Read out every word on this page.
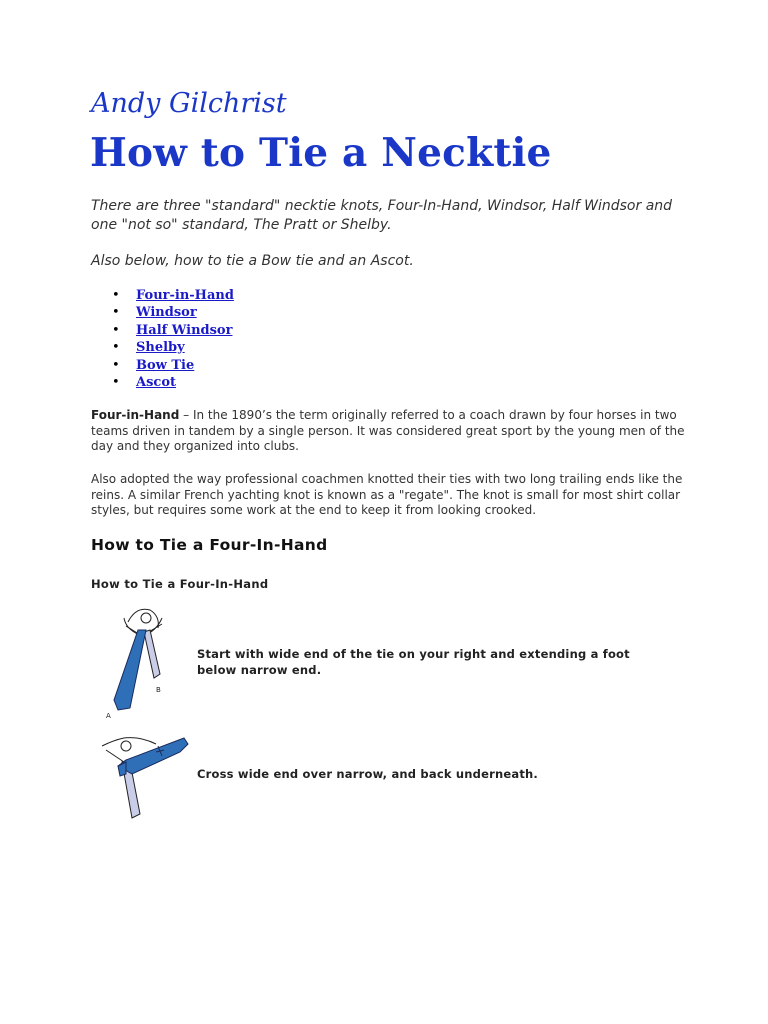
Andy Gilchrist
How to Tie a Necktie

There are three "standard" necktie knots, Four-In-Hand, Windsor, Half Windsor and one "not so" standard, The Pratt or Shelby.

Also below, how to tie a Bow tie and an Ascot.

• Four-in-Hand
• Windsor
• Half Windsor
• Shelby
• Bow Tie
• Ascot

Four-in-Hand – In the 1890’s the term originally referred to a coach drawn by four horses in two teams driven in tandem by a single person. It was considered great sport by the young men of the day and they organized into clubs.

Also adopted the way professional coachmen knotted their ties with two long trailing ends like the reins. A similar French yachting knot is known as a "regate". The knot is small for most shirt collar styles, but requires some work at the end to keep it from looking crooked.

How to Tie a Four-In-Hand
How to Tie a Four-In-Hand
B
A

Start with wide end of the tie on your right and extending a foot below narrow end.

Cross wide end over narrow, and back underneath.
